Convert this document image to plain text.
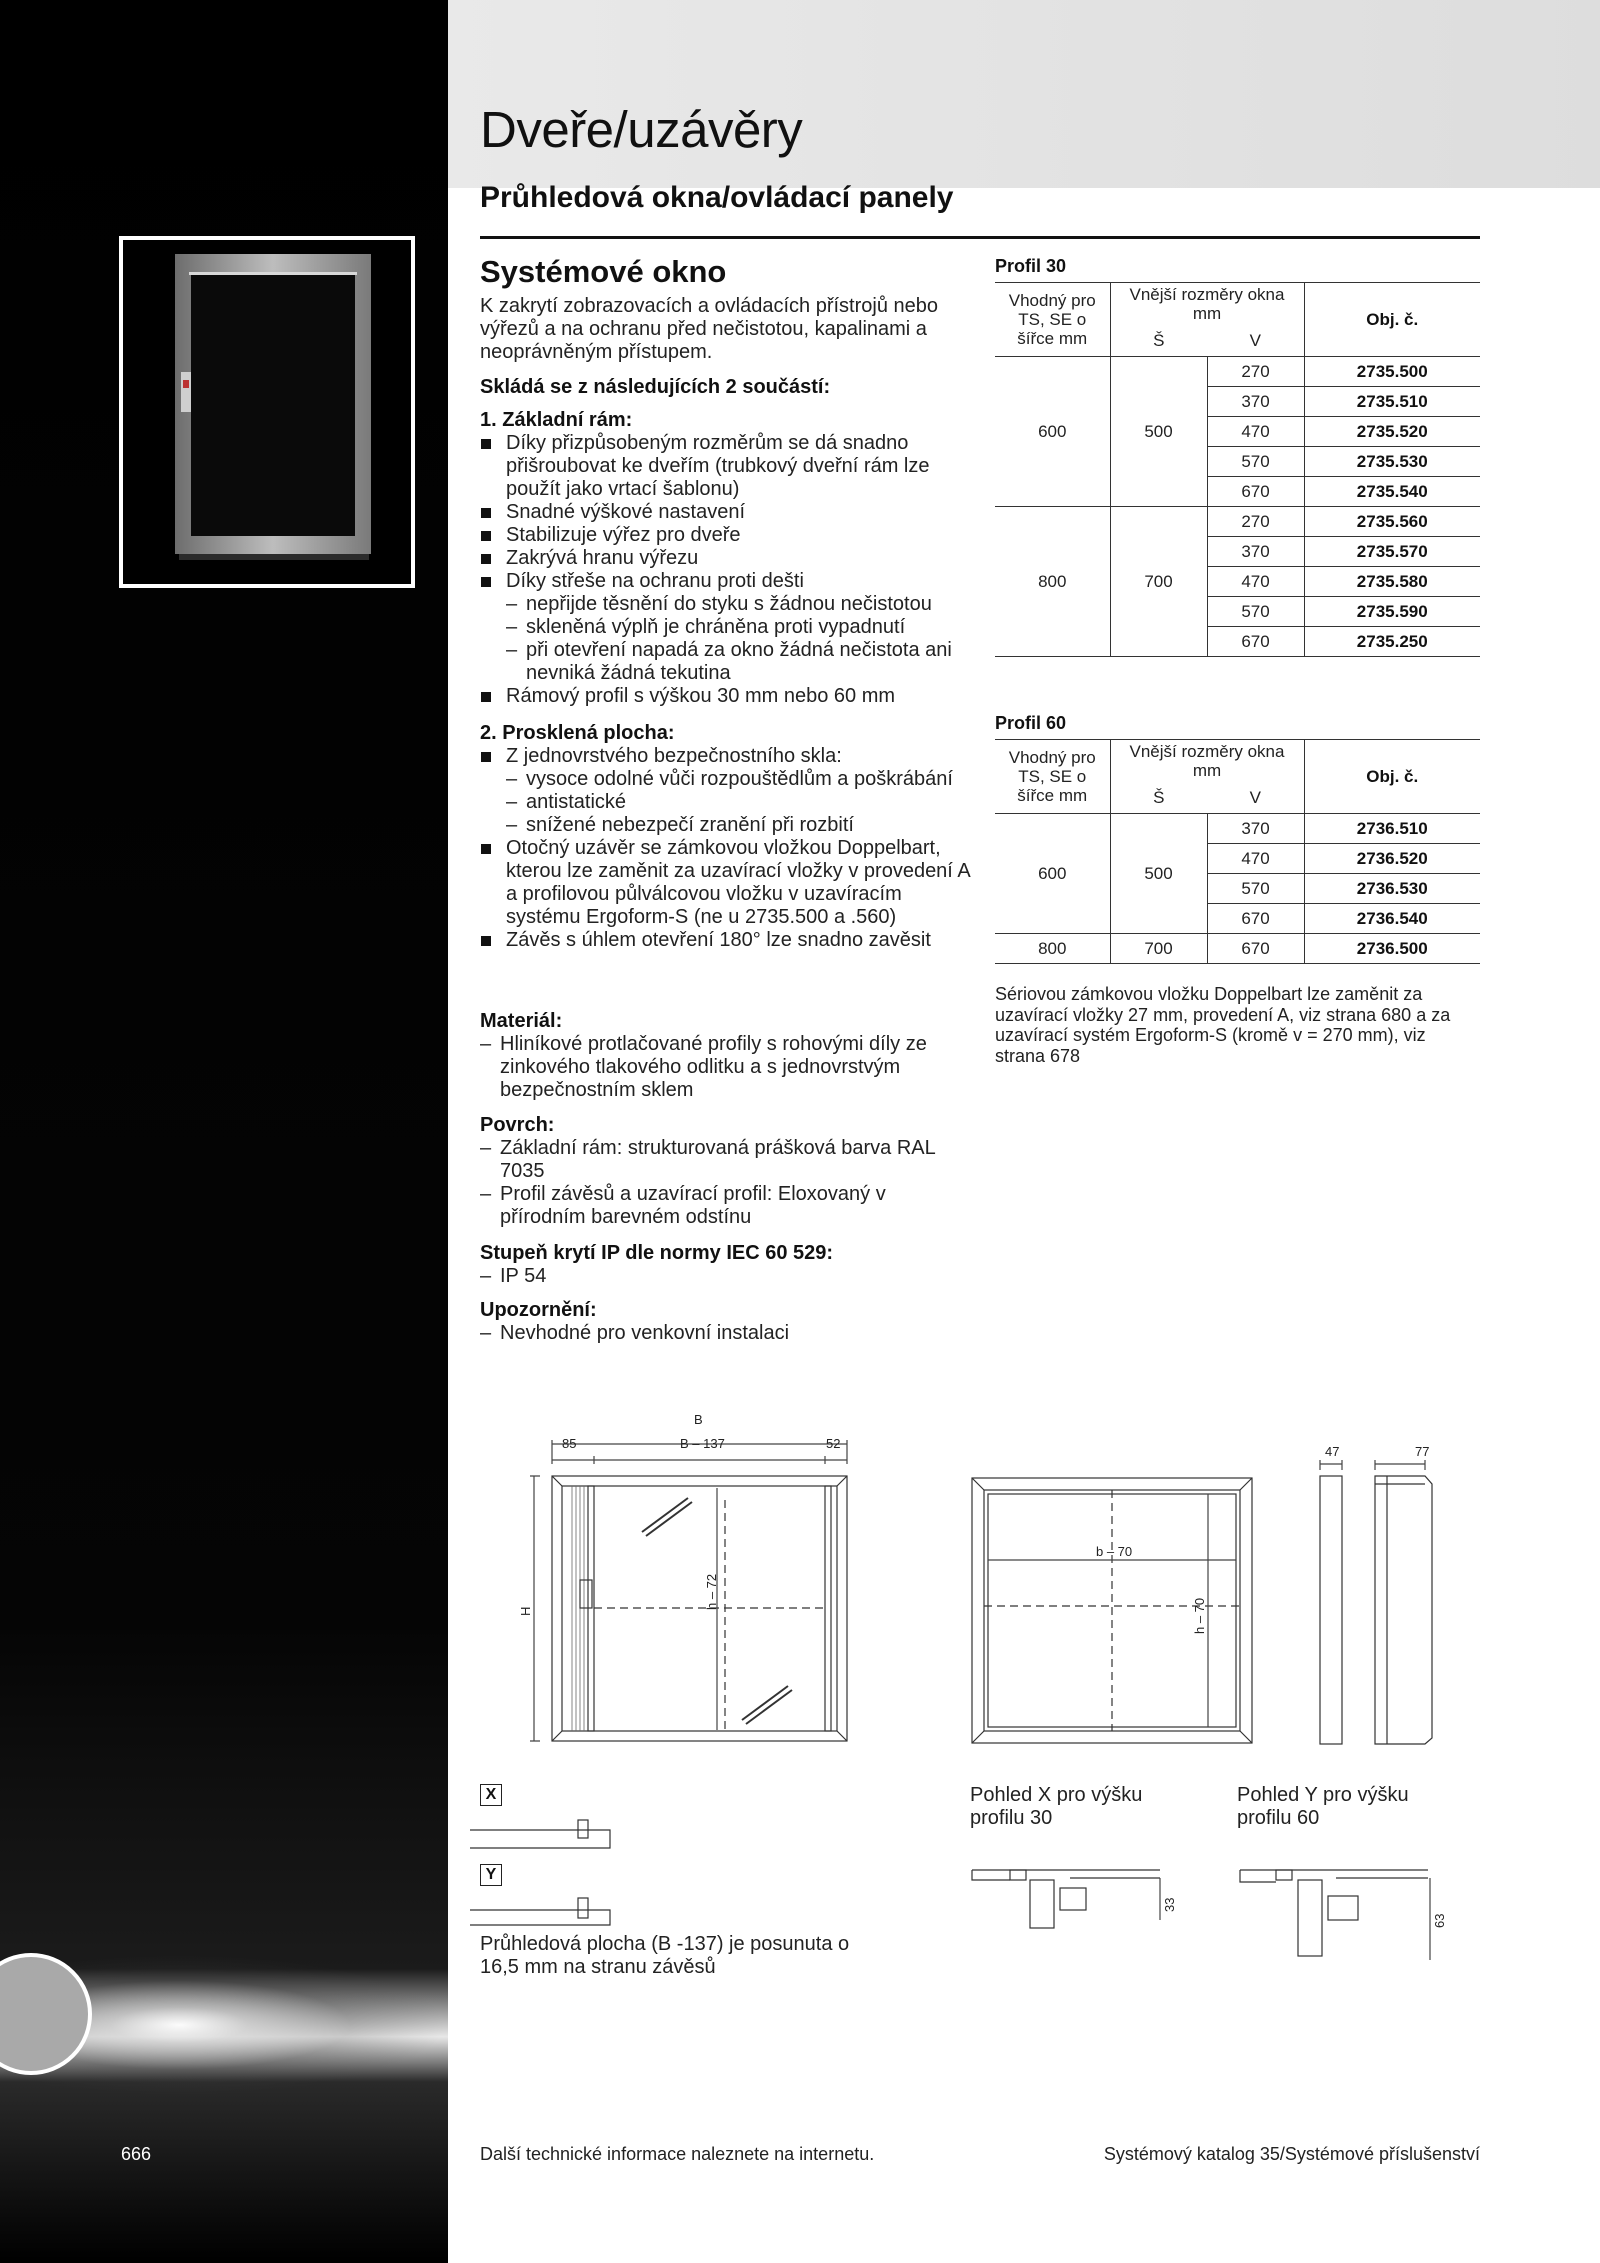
666
Dveře/uzávěry
Průhledová okna/ovládací panely
Systémové okno
K zakrytí zobrazovacích a ovládacích přístrojů nebo výřezů a na ochranu před nečistotou, kapalinami a neoprávněným přístupem.
Skládá se z následujících 2 součástí:
1. Základní rám:
Díky přizpůsobeným rozměrům se dá snadno přišroubovat ke dveřím (trubkový dveřní rám lze použít jako vrtací šablonu)
Snadné výškové nastavení
Stabilizuje výřez pro dveře
Zakrývá hranu výřezu
Díky střeše na ochranu proti dešti
– nepřijde těsnění do styku s žádnou nečistotou
– skleněná výplň je chráněna proti vypadnutí
– při otevření napadá za okno žádná nečistota ani nevniká žádná tekutina
Rámový profil s výškou 30 mm nebo 60 mm
2. Prosklená plocha:
Z jednovrstvého bezpečnostního skla:
– vysoce odolné vůči rozpouštědlům a poškrábání
– antistatické
– snížené nebezpečí zranění při rozbití
Otočný uzávěr se zámkovou vložkou Doppelbart, kterou lze zaměnit za uzavírací vložky v provedení A a profilovou půlválcovou vložku v uzavíracím systému Ergoform-S (ne u 2735.500 a .560)
Závěs s úhlem otevření 180° lze snadno zavěsit
Materiál:
– Hliníkové protlačované profily s rohovými díly ze zinkového tlakového odlitku a s jednovrstvým bezpečnostním sklem
Povrch:
– Základní rám: strukturovaná prášková barva RAL 7035
– Profil závěsů a uzavírací profil: Eloxovaný v přírodním barevném odstínu
Stupeň krytí IP dle normy IEC 60 529:
– IP 54
Upozornění:
– Nevhodné pro venkovní instalaci
Profil 30
Vhodný pro TS, SE o šířce mm	Vnější rozměry okna mm		Obj. č.
	Š	V	
600	500	270	2735.500
		370	2735.510
		470	2735.520
		570	2735.530
		670	2735.540
800	700	270	2735.560
		370	2735.570
		470	2735.580
		570	2735.590
		670	2735.250
Profil 60
Vhodný pro TS, SE o šířce mm	Vnější rozměry okna mm		Obj. č.
	Š	V	
600	500	370	2736.510
		470	2736.520
		570	2736.530
		670	2736.540
800	700	670	2736.500
Sériovou zámkovou vložku Doppelbart lze zaměnit za uzavírací vložky 27 mm, provedení A, viz strana 680 a za uzavírací systém Ergoform-S (kromě v = 270 mm), viz strana 678
B
85	B – 137	52
H
h – 72
b – 70
h – 70
47	77
33
63
X
Y
Pohled X pro výšku profilu 30
Pohled Y pro výšku profilu 60
Průhledová plocha (B -137) je posunuta o 16,5 mm na stranu závěsů
Další technické informace naleznete na internetu.	Systémový katalog 35/Systémové příslušenství
